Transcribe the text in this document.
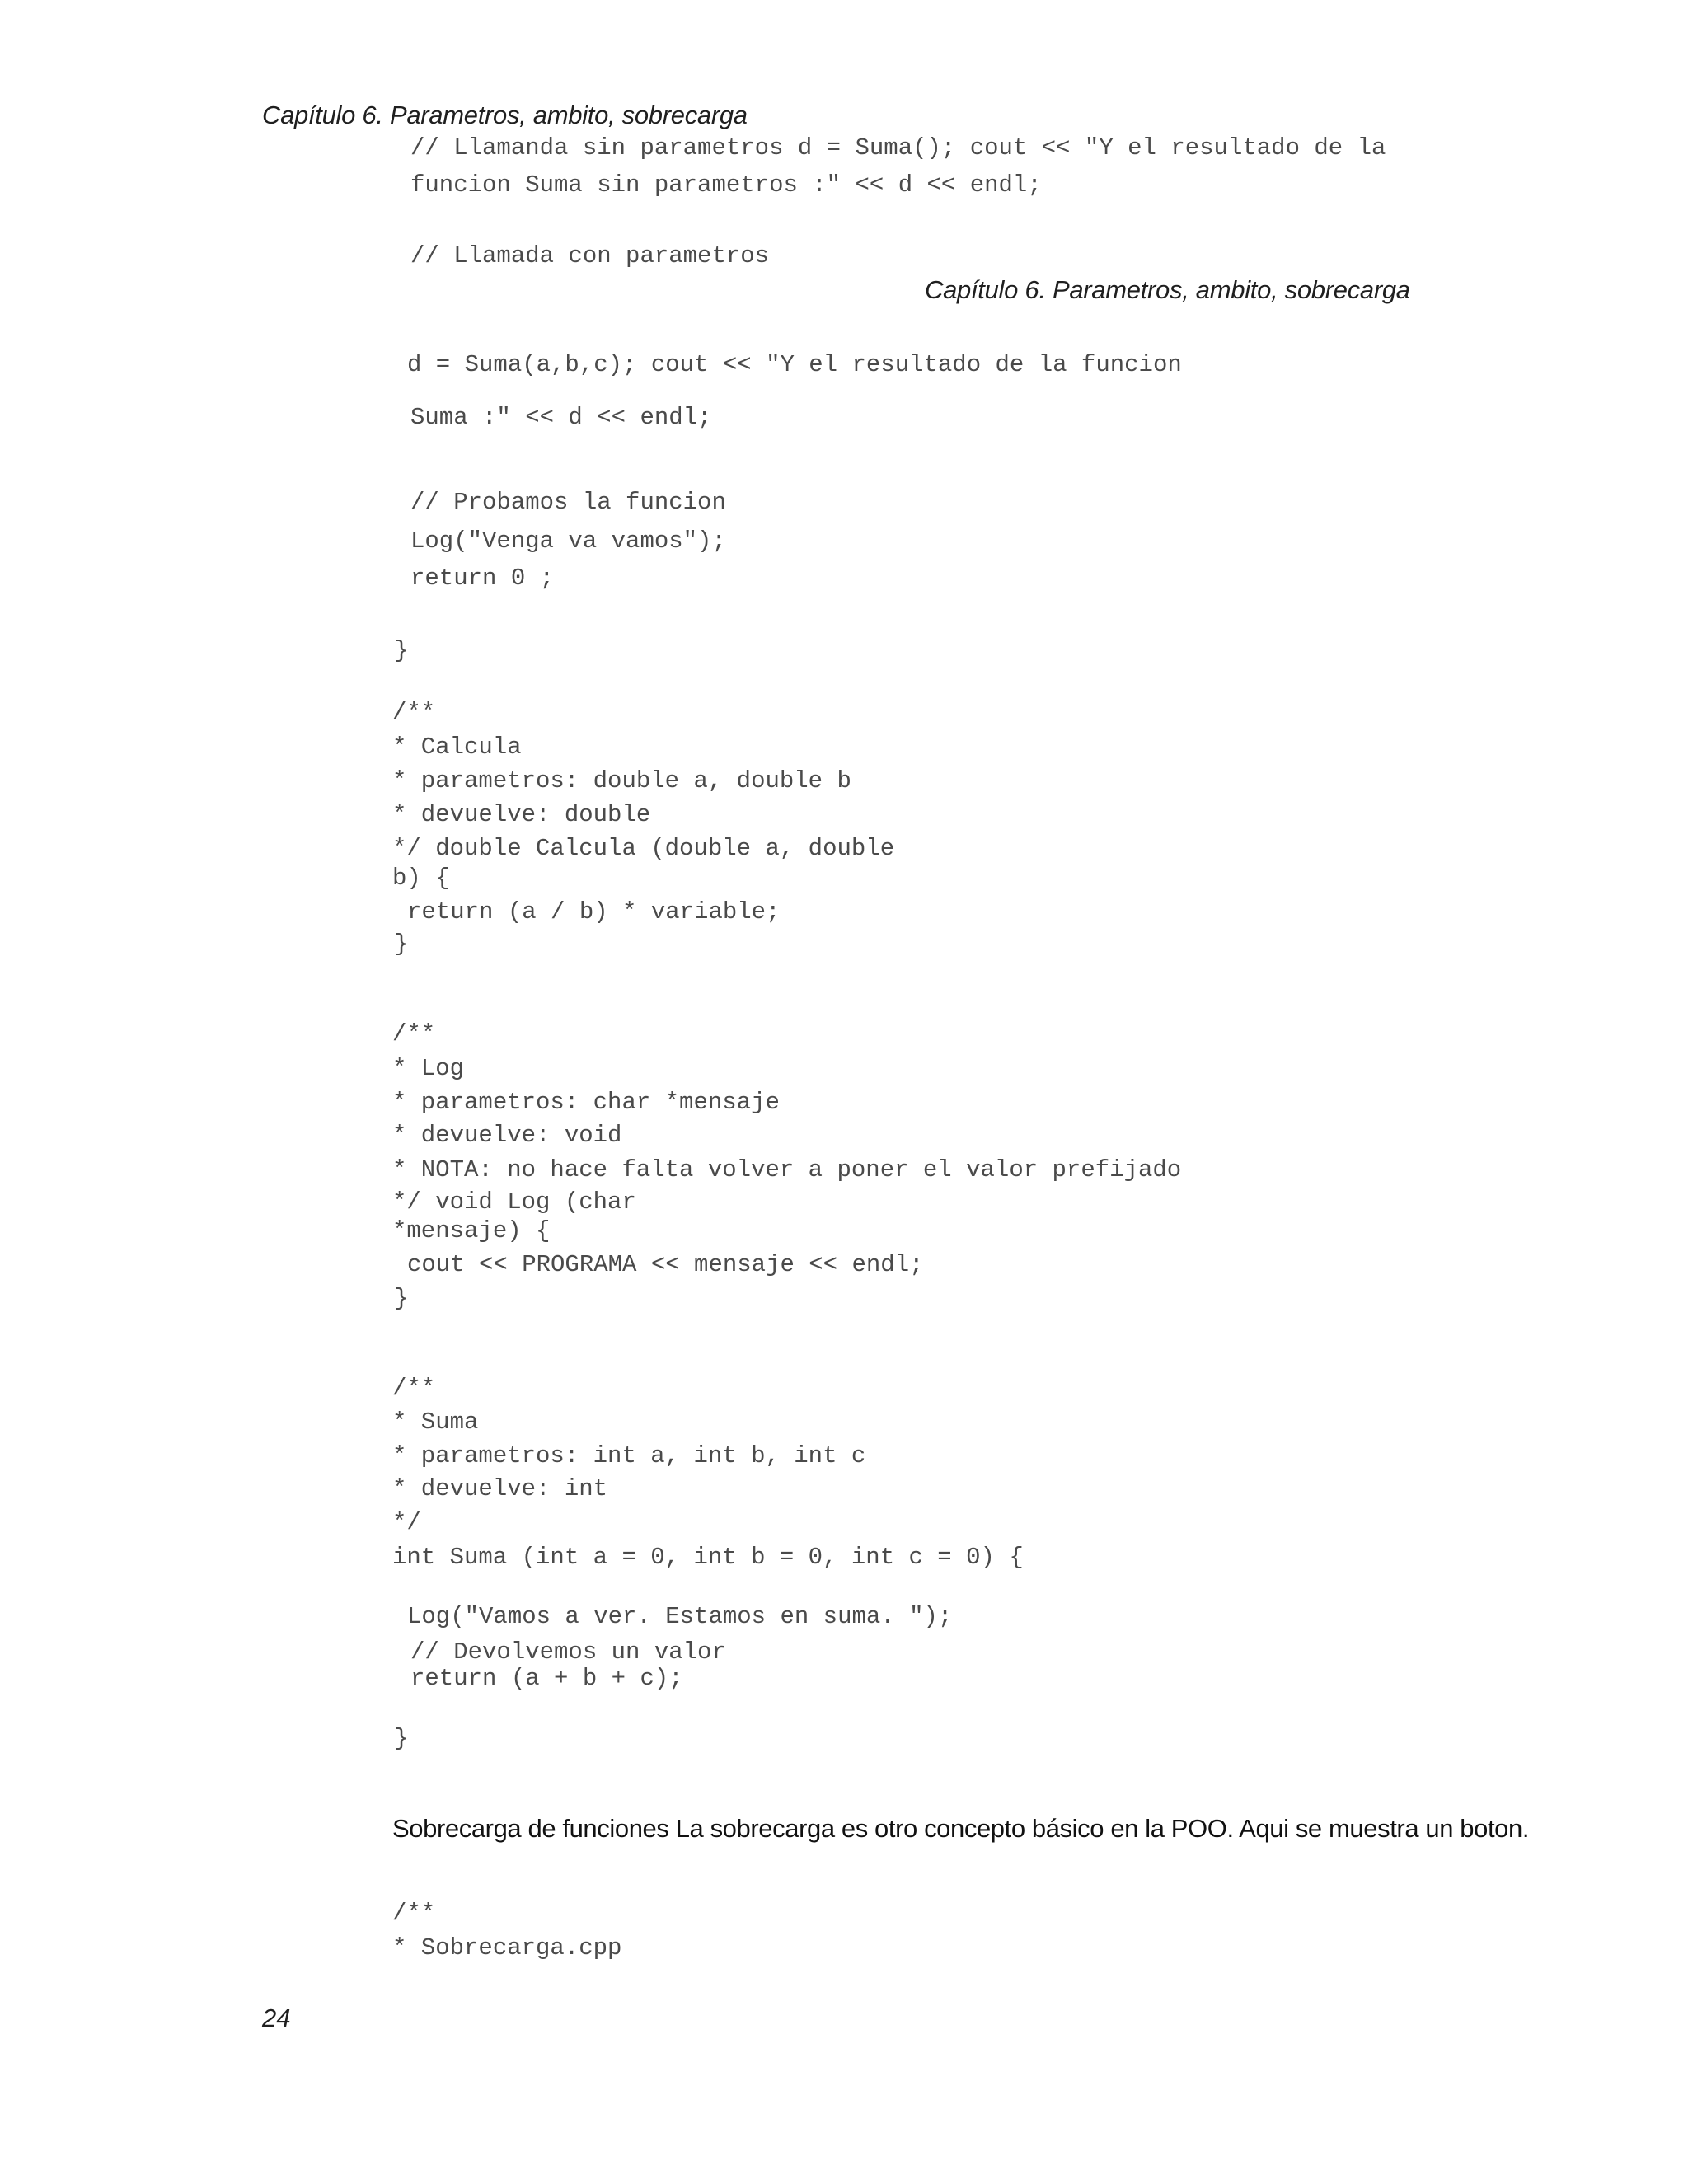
Capítulo 6. Parametros, ambito, sobrecarga
// Llamanda sin parametros d = Suma(); cout << "Y el resultado de la
funcion Suma sin parametros :" << d << endl;
// Llamada con parametros
Capítulo 6. Parametros, ambito, sobrecarga
d = Suma(a,b,c); cout << "Y el resultado de la funcion
Suma :" << d << endl;
// Probamos la funcion
Log("Venga va vamos");
return 0 ;
}
/**
* Calcula
* parametros: double a, double b
* devuelve: double
*/ double Calcula (double a, double
b) {
return (a / b) * variable;
}
/**
* Log
* parametros: char *mensaje
* devuelve: void
* NOTA: no hace falta volver a poner el valor prefijado
*/ void Log (char
*mensaje) {
cout << PROGRAMA << mensaje << endl;
}
/**
* Suma
* parametros: int a, int b, int c
* devuelve: int
*/
int Suma (int a = 0, int b = 0, int c = 0) {
Log("Vamos a ver. Estamos en suma. ");
// Devolvemos un valor
return (a + b + c);
}
Sobrecarga de funciones La sobrecarga es otro concepto básico en la POO. Aqui se muestra un boton.
/**
* Sobrecarga.cpp
24
